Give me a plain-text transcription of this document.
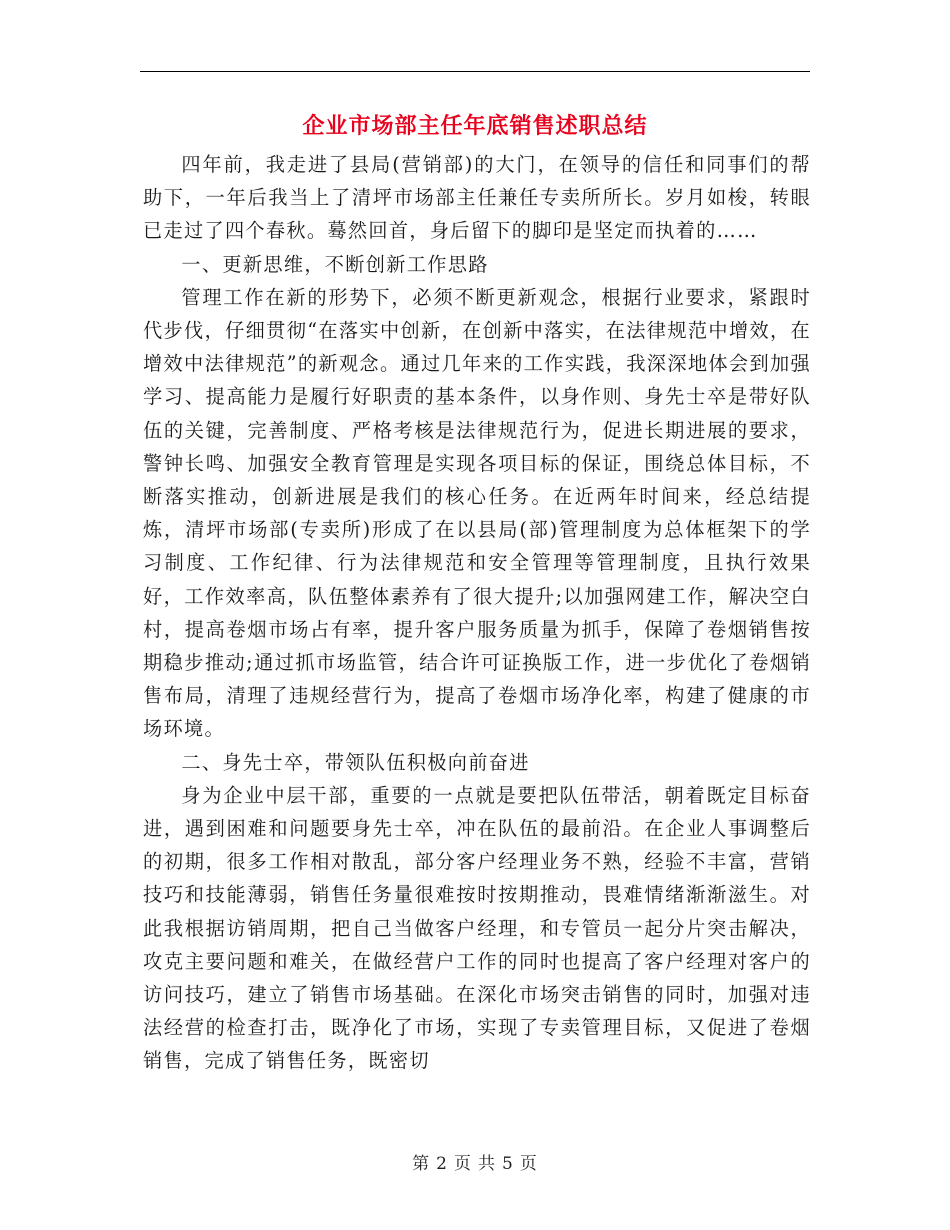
企业市场部主任年底销售述职总结

四年前，我走进了县局(营销部)的大门，在领导的信任和同事们的帮助下，一年后我当上了清坪市场部主任兼任专卖所所长。岁月如梭，转眼已走过了四个春秋。蓦然回首，身后留下的脚印是坚定而执着的……

一、更新思维，不断创新工作思路

管理工作在新的形势下，必须不断更新观念，根据行业要求，紧跟时代步伐，仔细贯彻“在落实中创新，在创新中落实，在法律规范中增效，在增效中法律规范”的新观念。通过几年来的工作实践，我深深地体会到加强学习、提高能力是履行好职责的基本条件，以身作则、身先士卒是带好队伍的关键，完善制度、严格考核是法律规范行为，促进长期进展的要求，警钟长鸣、加强安全教育管理是实现各项目标的保证，围绕总体目标，不断落实推动，创新进展是我们的核心任务。在近两年时间来，经总结提炼，清坪市场部(专卖所)形成了在以县局(部)管理制度为总体框架下的学习制度、工作纪律、行为法律规范和安全管理等管理制度，且执行效果好，工作效率高，队伍整体素养有了很大提升;以加强网建工作，解决空白村，提高卷烟市场占有率，提升客户服务质量为抓手，保障了卷烟销售按期稳步推动;通过抓市场监管，结合许可证换版工作，进一步优化了卷烟销售布局，清理了违规经营行为，提高了卷烟市场净化率，构建了健康的市场环境。

二、身先士卒，带领队伍积极向前奋进

身为企业中层干部，重要的一点就是要把队伍带活，朝着既定目标奋进，遇到困难和问题要身先士卒，冲在队伍的最前沿。在企业人事调整后的初期，很多工作相对散乱，部分客户经理业务不熟，经验不丰富，营销技巧和技能薄弱，销售任务量很难按时按期推动，畏难情绪渐渐滋生。对此我根据访销周期，把自己当做客户经理，和专管员一起分片突击解决，攻克主要问题和难关，在做经营户工作的同时也提高了客户经理对客户的访问技巧，建立了销售市场基础。在深化市场突击销售的同时，加强对违法经营的检查打击，既净化了市场，实现了专卖管理目标，又促进了卷烟销售，完成了销售任务，既密切

第 2 页 共 5 页
